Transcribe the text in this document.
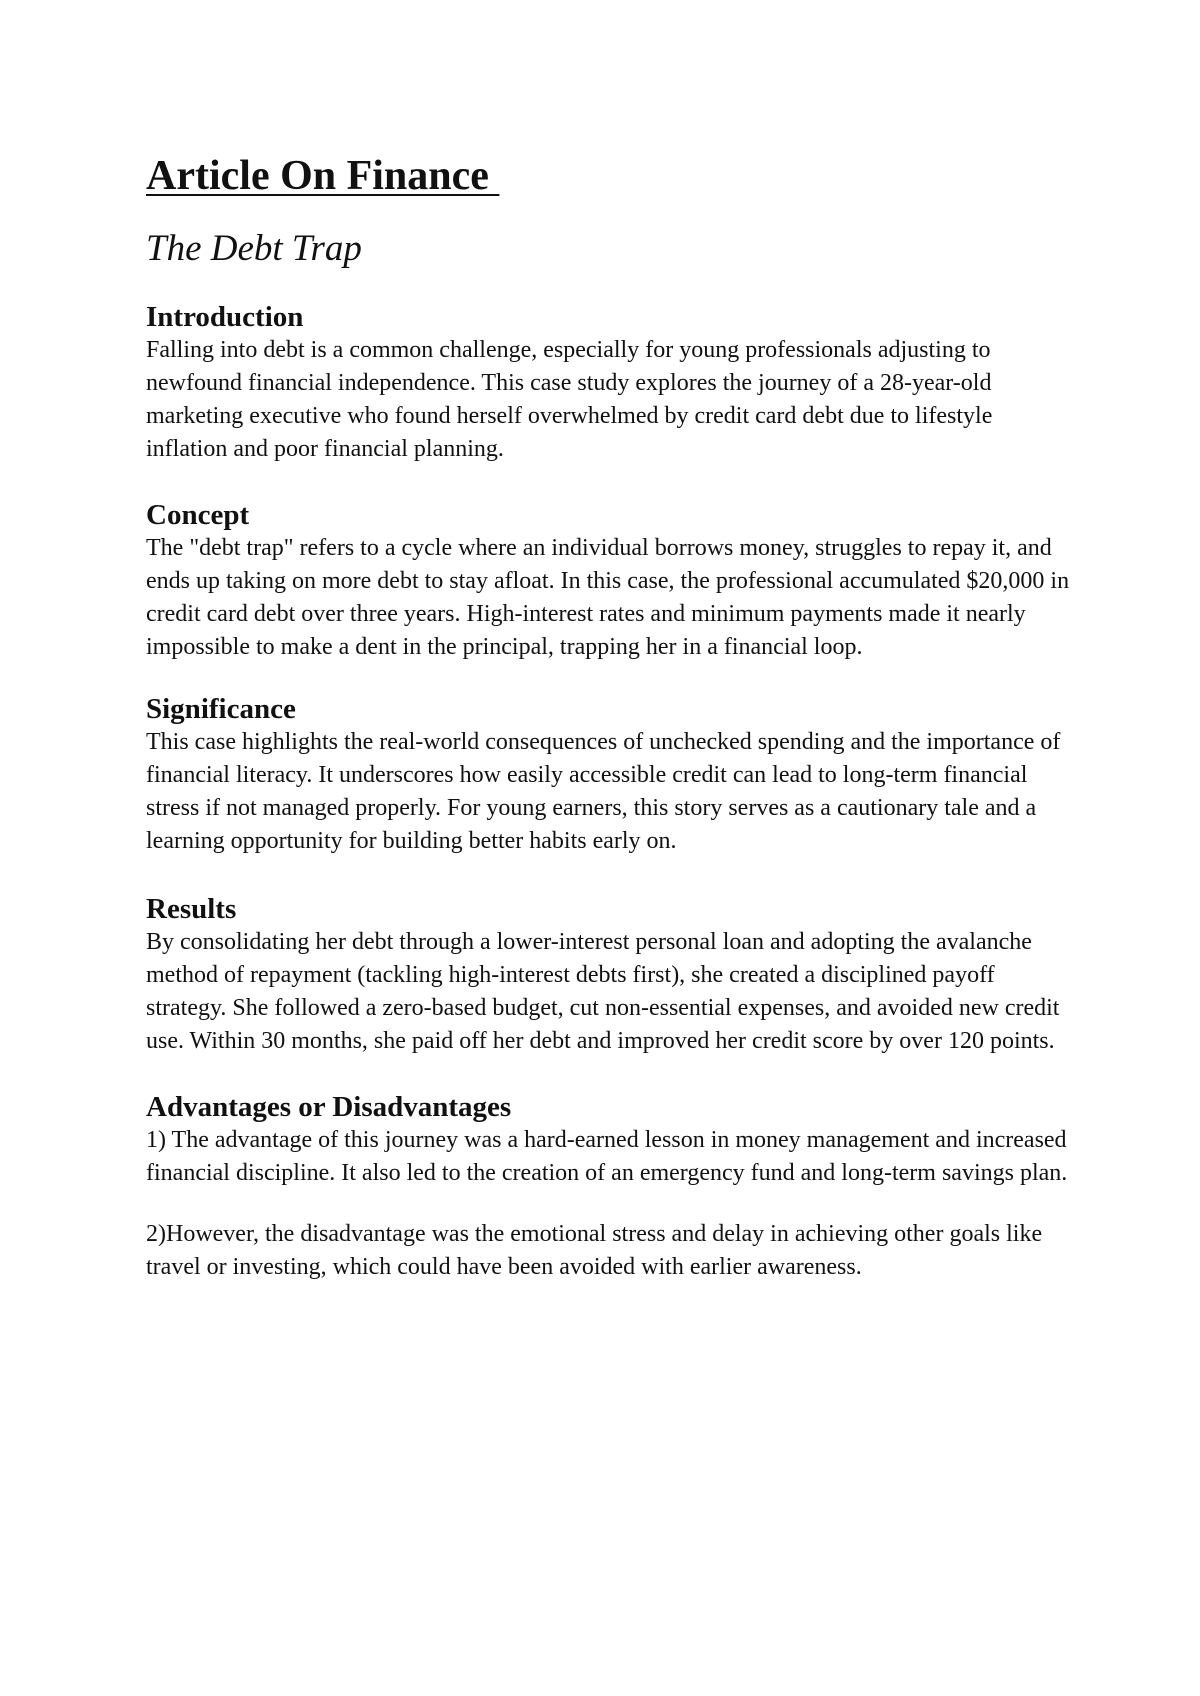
Article On Finance
The Debt Trap
Introduction

Falling into debt is a common challenge, especially for young professionals adjusting to newfound financial independence. This case study explores the journey of a 28-year-old marketing executive who found herself overwhelmed by credit card debt due to lifestyle inflation and poor financial planning.

Concept

The "debt trap" refers to a cycle where an individual borrows money, struggles to repay it, and ends up taking on more debt to stay afloat. In this case, the professional accumulated $20,000 in credit card debt over three years. High-interest rates and minimum payments made it nearly impossible to make a dent in the principal, trapping her in a financial loop.

Significance

This case highlights the real-world consequences of unchecked spending and the importance of financial literacy. It underscores how easily accessible credit can lead to long-term financial stress if not managed properly. For young earners, this story serves as a cautionary tale and a learning opportunity for building better habits early on.

Results

By consolidating her debt through a lower-interest personal loan and adopting the avalanche method of repayment (tackling high-interest debts first), she created a disciplined payoff strategy. She followed a zero-based budget, cut non-essential expenses, and avoided new credit use. Within 30 months, she paid off her debt and improved her credit score by over 120 points.

Advantages or Disadvantages

1) The advantage of this journey was a hard-earned lesson in money management and increased financial discipline. It also led to the creation of an emergency fund and long-term savings plan.

2)However, the disadvantage was the emotional stress and delay in achieving other goals like travel or investing, which could have been avoided with earlier awareness.
